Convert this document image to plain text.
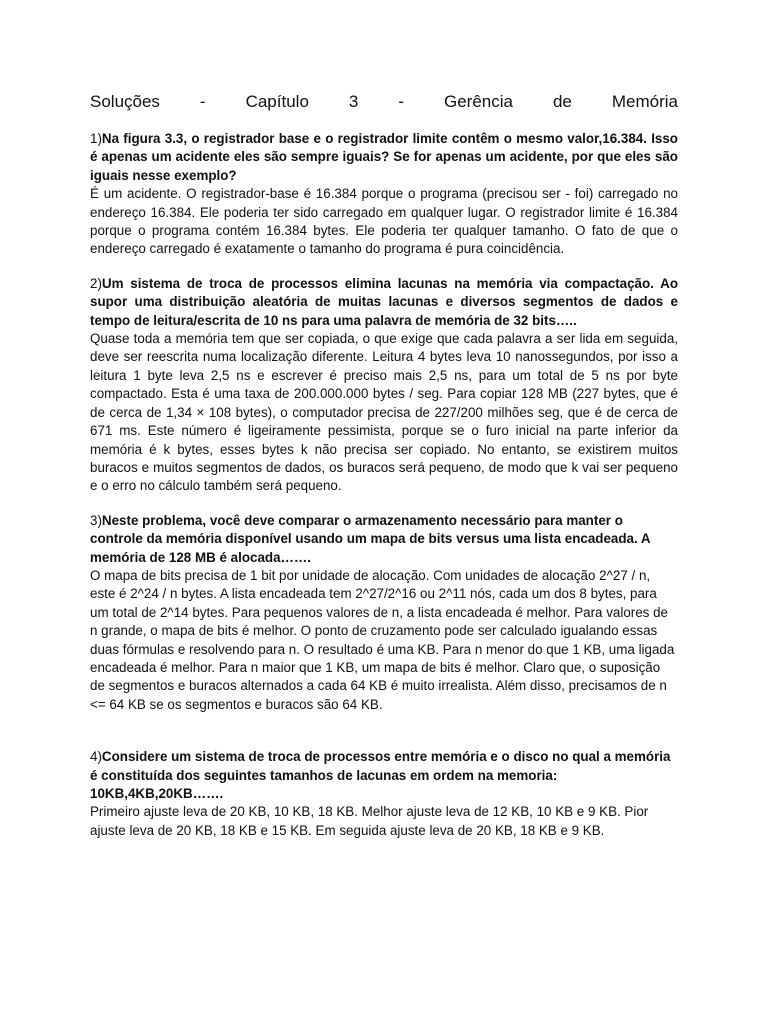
Soluções - Capítulo 3 - Gerência de Memória
1)Na figura 3.3, o registrador base e o registrador limite contêm o mesmo valor,16.384. Isso é apenas um acidente eles são sempre iguais? Se for apenas um acidente, por que eles são iguais nesse exemplo?
É um acidente. O registrador-base é 16.384 porque o programa (precisou ser - foi) carregado no endereço 16.384. Ele poderia ter sido carregado em qualquer lugar. O registrador limite é 16.384 porque o programa contém 16.384 bytes. Ele poderia ter qualquer tamanho. O fato de que o endereço carregado é exatamente o tamanho do programa é pura coincidência.
2)Um sistema de troca de processos elimina lacunas na memória via compactação. Ao supor uma distribuição aleatória de muitas lacunas e diversos segmentos de dados e tempo de leitura/escrita de 10 ns para uma palavra de memória de 32 bits…..
Quase toda a memória tem que ser copiada, o que exige que cada palavra a ser lida em seguida, deve ser reescrita numa localização diferente. Leitura 4 bytes leva 10 nanossegundos, por isso a leitura 1 byte leva 2,5 ns e escrever é preciso mais 2,5 ns, para um total de 5 ns por byte compactado. Esta é uma taxa de 200.000.000 bytes / seg. Para copiar 128 MB (227 bytes, que é de cerca de 1,34 × 108 bytes), o computador precisa de 227/200 milhões seg, que é de cerca de 671 ms. Este número é ligeiramente pessimista, porque se o furo inicial na parte inferior da memória é k bytes, esses bytes k não precisa ser copiado. No entanto, se existirem muitos buracos e muitos segmentos de dados, os buracos será pequeno, de modo que k vai ser pequeno e o erro no cálculo também será pequeno.
3)Neste problema, você deve comparar o armazenamento necessário para manter o controle da memória disponível usando um mapa de bits versus uma lista encadeada. A memória de 128 MB é alocada…….
O mapa de bits precisa de 1 bit por unidade de alocação. Com unidades de alocação 2^27 / n, este é 2^24 / n bytes. A lista encadeada tem 2^27/2^16 ou 2^11 nós, cada um dos 8 bytes, para um total de 2^14 bytes. Para pequenos valores de n, a lista encadeada é melhor. Para valores de n grande, o mapa de bits é melhor. O ponto de cruzamento pode ser calculado igualando essas duas fórmulas e resolvendo para n. O resultado é uma KB. Para n menor do que 1 KB, uma ligada encadeada é melhor. Para n maior que 1 KB, um mapa de bits é melhor. Claro que, o suposição de segmentos e buracos alternados a cada 64 KB é muito irrealista. Além disso, precisamos de n <= 64 KB se os segmentos e buracos são 64 KB.
4)Considere um sistema de troca de processos entre memória e o disco no qual a memória é constituída dos seguintes tamanhos de lacunas em ordem na memoria: 10KB,4KB,20KB…….
Primeiro ajuste leva de 20 KB, 10 KB, 18 KB. Melhor ajuste leva de 12 KB, 10 KB e 9 KB. Pior ajuste leva de 20 KB, 18 KB e 15 KB. Em seguida ajuste leva de 20 KB, 18 KB e 9 KB.
